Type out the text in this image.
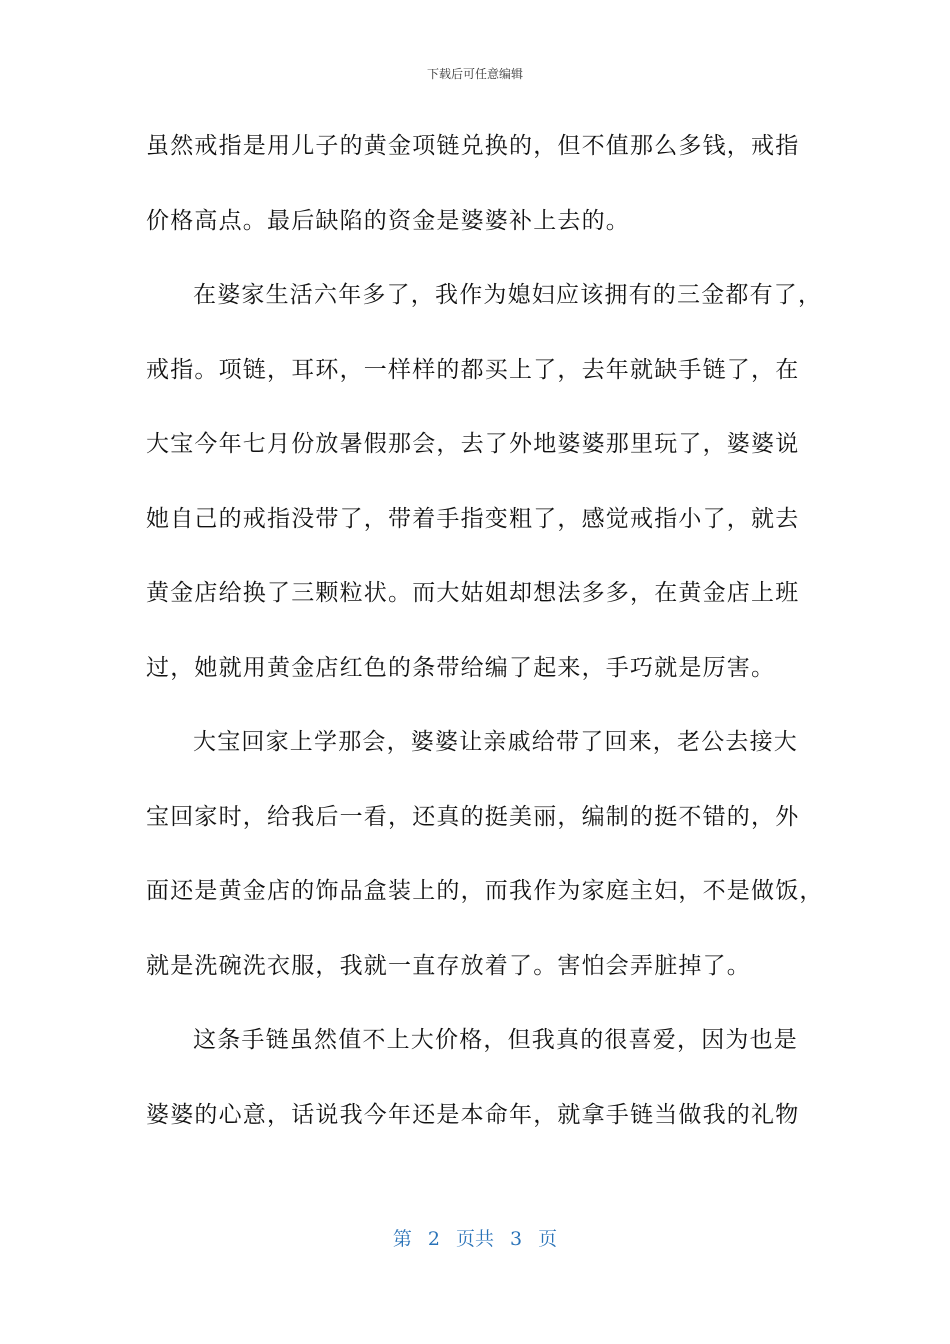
下载后可任意编辑
虽然戒指是用儿子的黄金项链兑换的，但不值那么多钱，戒指
价格高点。最后缺陷的资金是婆婆补上去的。
在婆家生活六年多了，我作为媳妇应该拥有的三金都有了，
戒指。项链，耳环，一样样的都买上了，去年就缺手链了，在
大宝今年七月份放暑假那会，去了外地婆婆那里玩了，婆婆说
她自己的戒指没带了，带着手指变粗了，感觉戒指小了，就去
黄金店给换了三颗粒状。而大姑姐却想法多多，在黄金店上班
过，她就用黄金店红色的条带给编了起来，手巧就是厉害。
大宝回家上学那会，婆婆让亲戚给带了回来，老公去接大
宝回家时，给我后一看，还真的挺美丽，编制的挺不错的，外
面还是黄金店的饰品盒装上的，而我作为家庭主妇，不是做饭，
就是洗碗洗衣服，我就一直存放着了。害怕会弄脏掉了。
这条手链虽然值不上大价格，但我真的很喜爱，因为也是
婆婆的心意，话说我今年还是本命年，就拿手链当做我的礼物
第 2 页共 3 页
